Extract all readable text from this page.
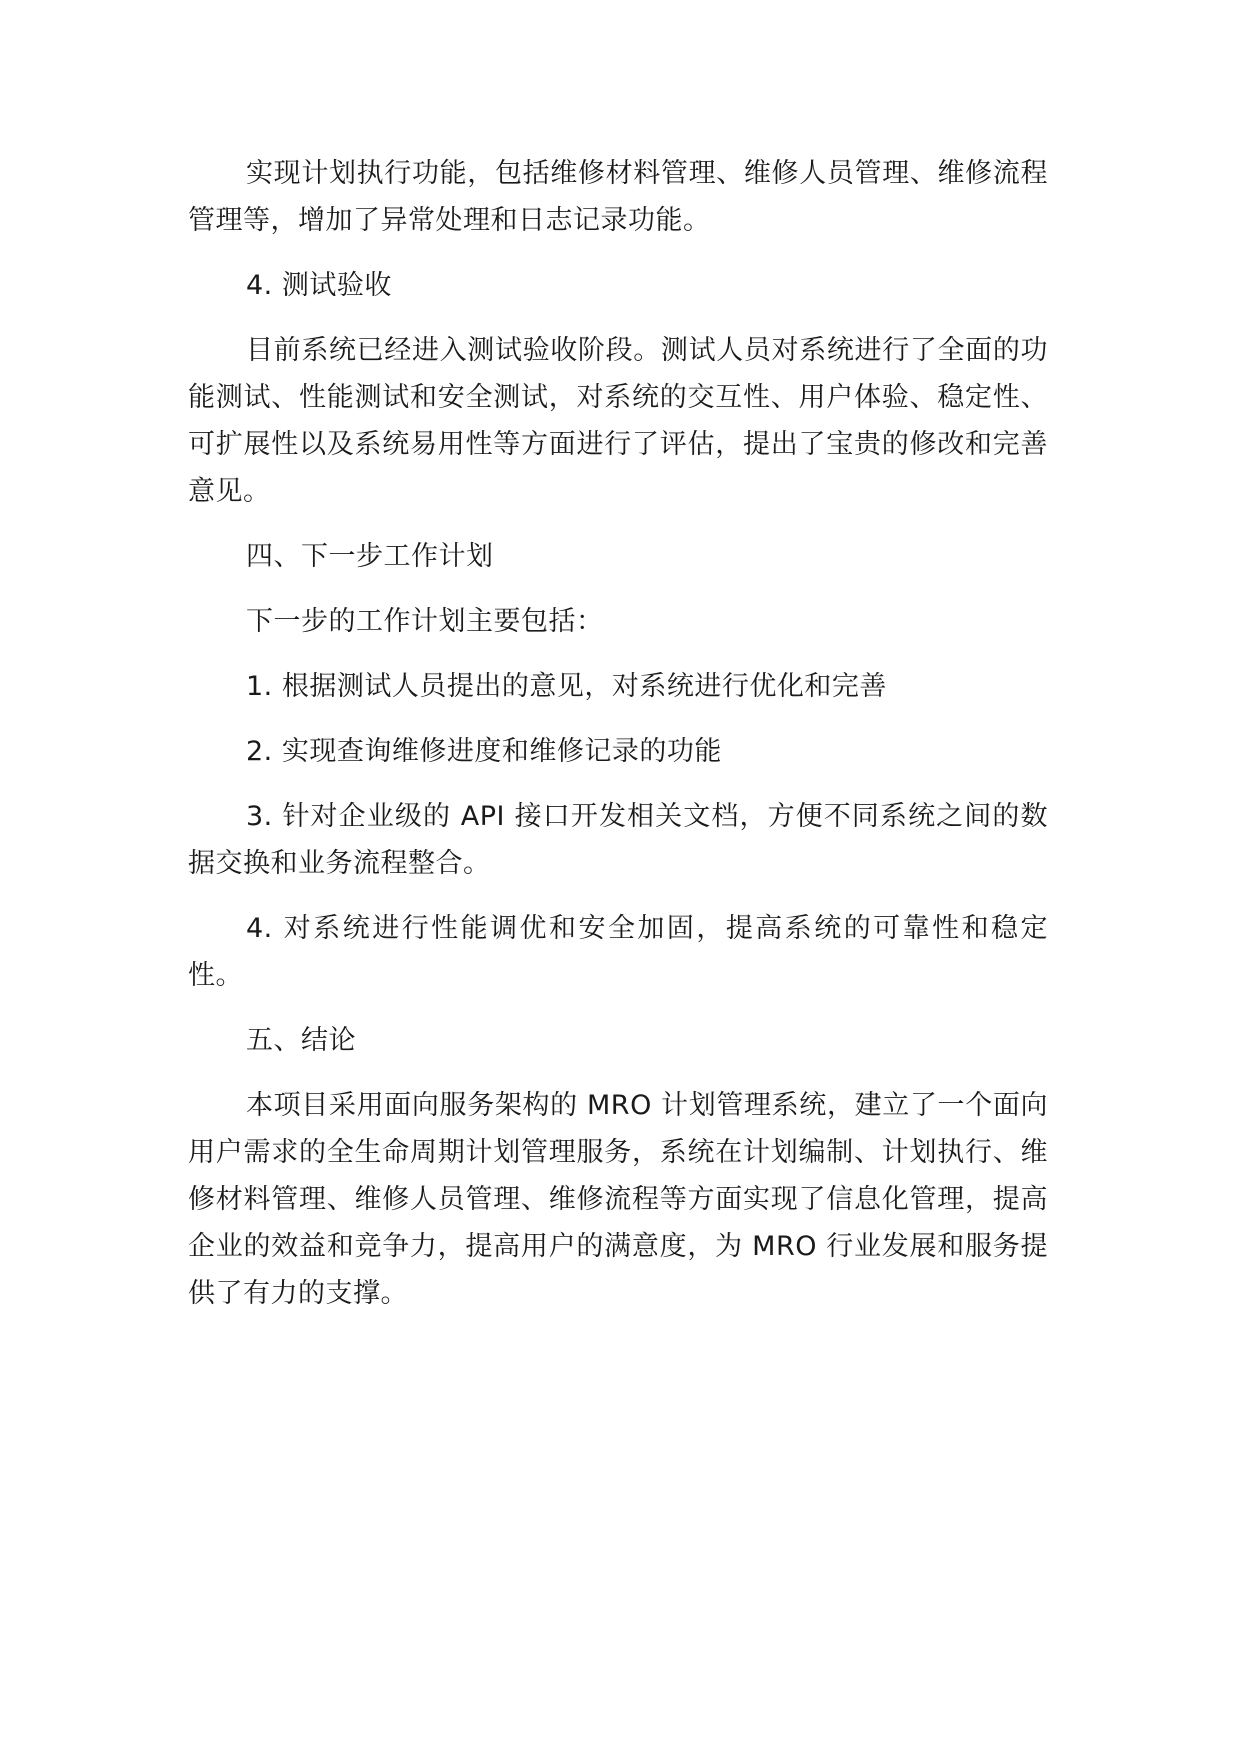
实现计划执行功能，包括维修材料管理、维修人员管理、维修流程管理等，增加了异常处理和日志记录功能。

4. 测试验收

目前系统已经进入测试验收阶段。测试人员对系统进行了全面的功能测试、性能测试和安全测试，对系统的交互性、用户体验、稳定性、可扩展性以及系统易用性等方面进行了评估，提出了宝贵的修改和完善意见。

四、下一步工作计划

下一步的工作计划主要包括：

1. 根据测试人员提出的意见，对系统进行优化和完善

2. 实现查询维修进度和维修记录的功能

3. 针对企业级的 API 接口开发相关文档，方便不同系统之间的数据交换和业务流程整合。

4. 对系统进行性能调优和安全加固，提高系统的可靠性和稳定性。

五、结论

本项目采用面向服务架构的 MRO 计划管理系统，建立了一个面向用户需求的全生命周期计划管理服务，系统在计划编制、计划执行、维修材料管理、维修人员管理、维修流程等方面实现了信息化管理，提高企业的效益和竞争力，提高用户的满意度，为 MRO 行业发展和服务提供了有力的支撑。
